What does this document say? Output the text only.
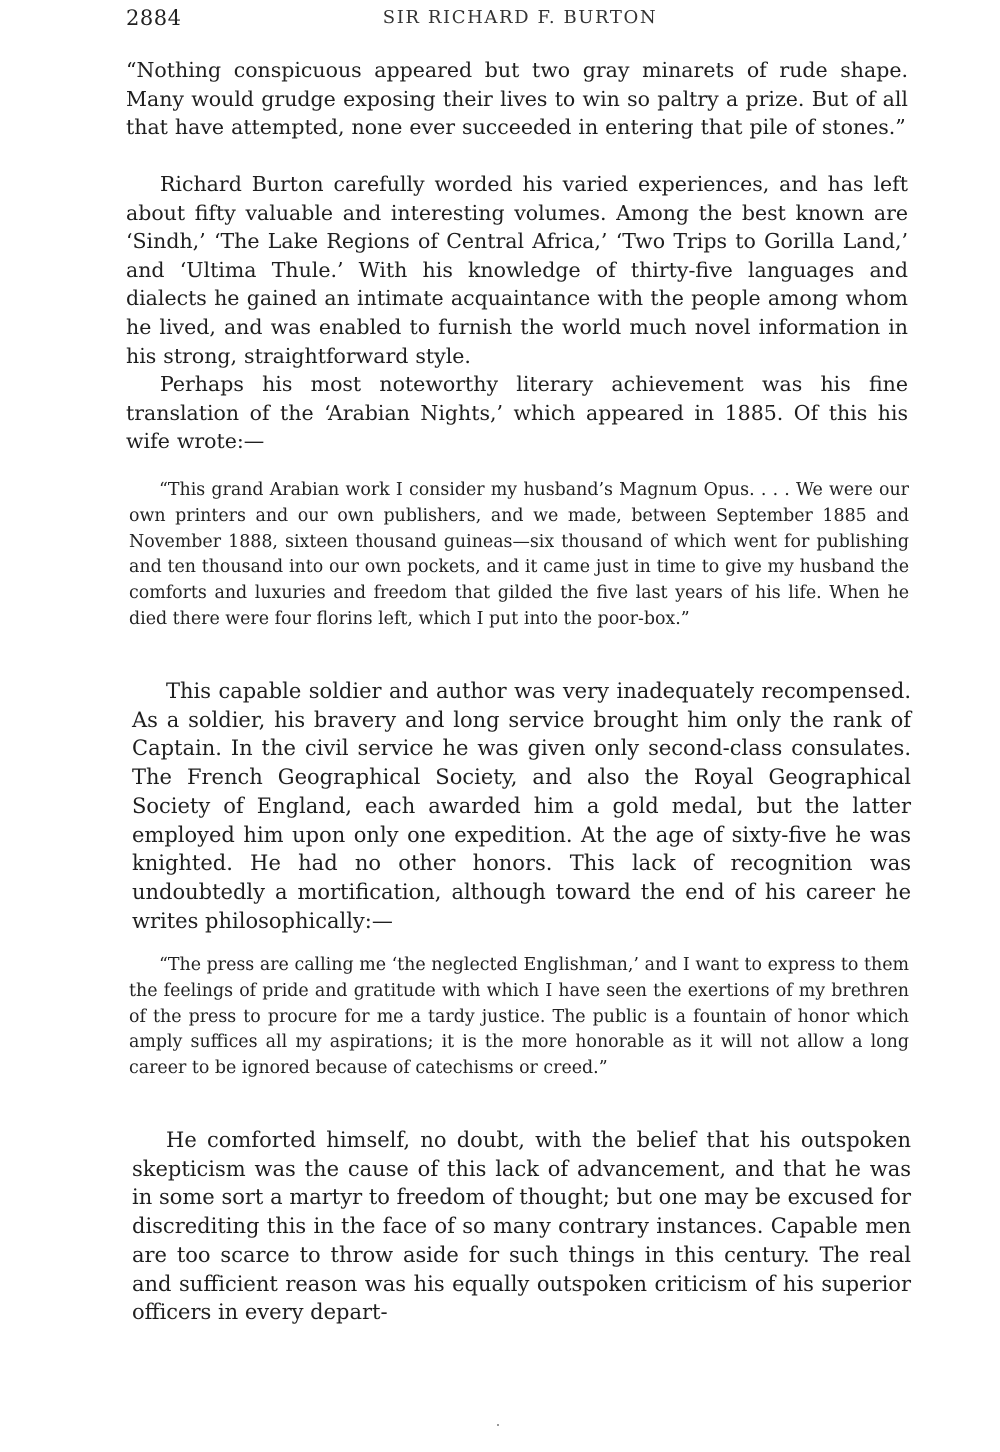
2884	SIR RICHARD F. BURTON

“Nothing conspicuous appeared but two gray minarets of rude shape. Many would grudge exposing their lives to win so paltry a prize. But of all that have attempted, none ever succeeded in entering that pile of stones.”

Richard Burton carefully worded his varied experiences, and has left about fifty valuable and interesting volumes. Among the best known are ‘Sindh,’ ‘The Lake Regions of Central Africa,’ ‘Two Trips to Gorilla Land,’ and ‘Ultima Thule.’ With his knowledge of thirty-five languages and dialects he gained an intimate acquaintance with the people among whom he lived, and was enabled to furnish the world much novel information in his strong, straightforward style.

Perhaps his most noteworthy literary achievement was his fine translation of the ‘Arabian Nights,’ which appeared in 1885. Of this his wife wrote:—

“This grand Arabian work I consider my husband’s Magnum Opus. . . . We were our own printers and our own publishers, and we made, between September 1885 and November 1888, sixteen thousand guineas—six thousand of which went for publishing and ten thousand into our own pockets, and it came just in time to give my husband the comforts and luxuries and freedom that gilded the five last years of his life. When he died there were four florins left, which I put into the poor-box.”

This capable soldier and author was very inadequately recompensed. As a soldier, his bravery and long service brought him only the rank of Captain. In the civil service he was given only second-class consulates. The French Geographical Society, and also the Royal Geographical Society of England, each awarded him a gold medal, but the latter employed him upon only one expedition. At the age of sixty-five he was knighted. He had no other honors. This lack of recognition was undoubtedly a mortification, although toward the end of his career he writes philosophically:—

“The press are calling me ‘the neglected Englishman,’ and I want to express to them the feelings of pride and gratitude with which I have seen the exertions of my brethren of the press to procure for me a tardy justice. The public is a fountain of honor which amply suffices all my aspirations; it is the more honorable as it will not allow a long career to be ignored because of catechisms or creed.”

He comforted himself, no doubt, with the belief that his outspoken skepticism was the cause of this lack of advancement, and that he was in some sort a martyr to freedom of thought; but one may be excused for discrediting this in the face of so many contrary instances. Capable men are too scarce to throw aside for such things in this century. The real and sufficient reason was his equally outspoken criticism of his superior officers in every depart-
